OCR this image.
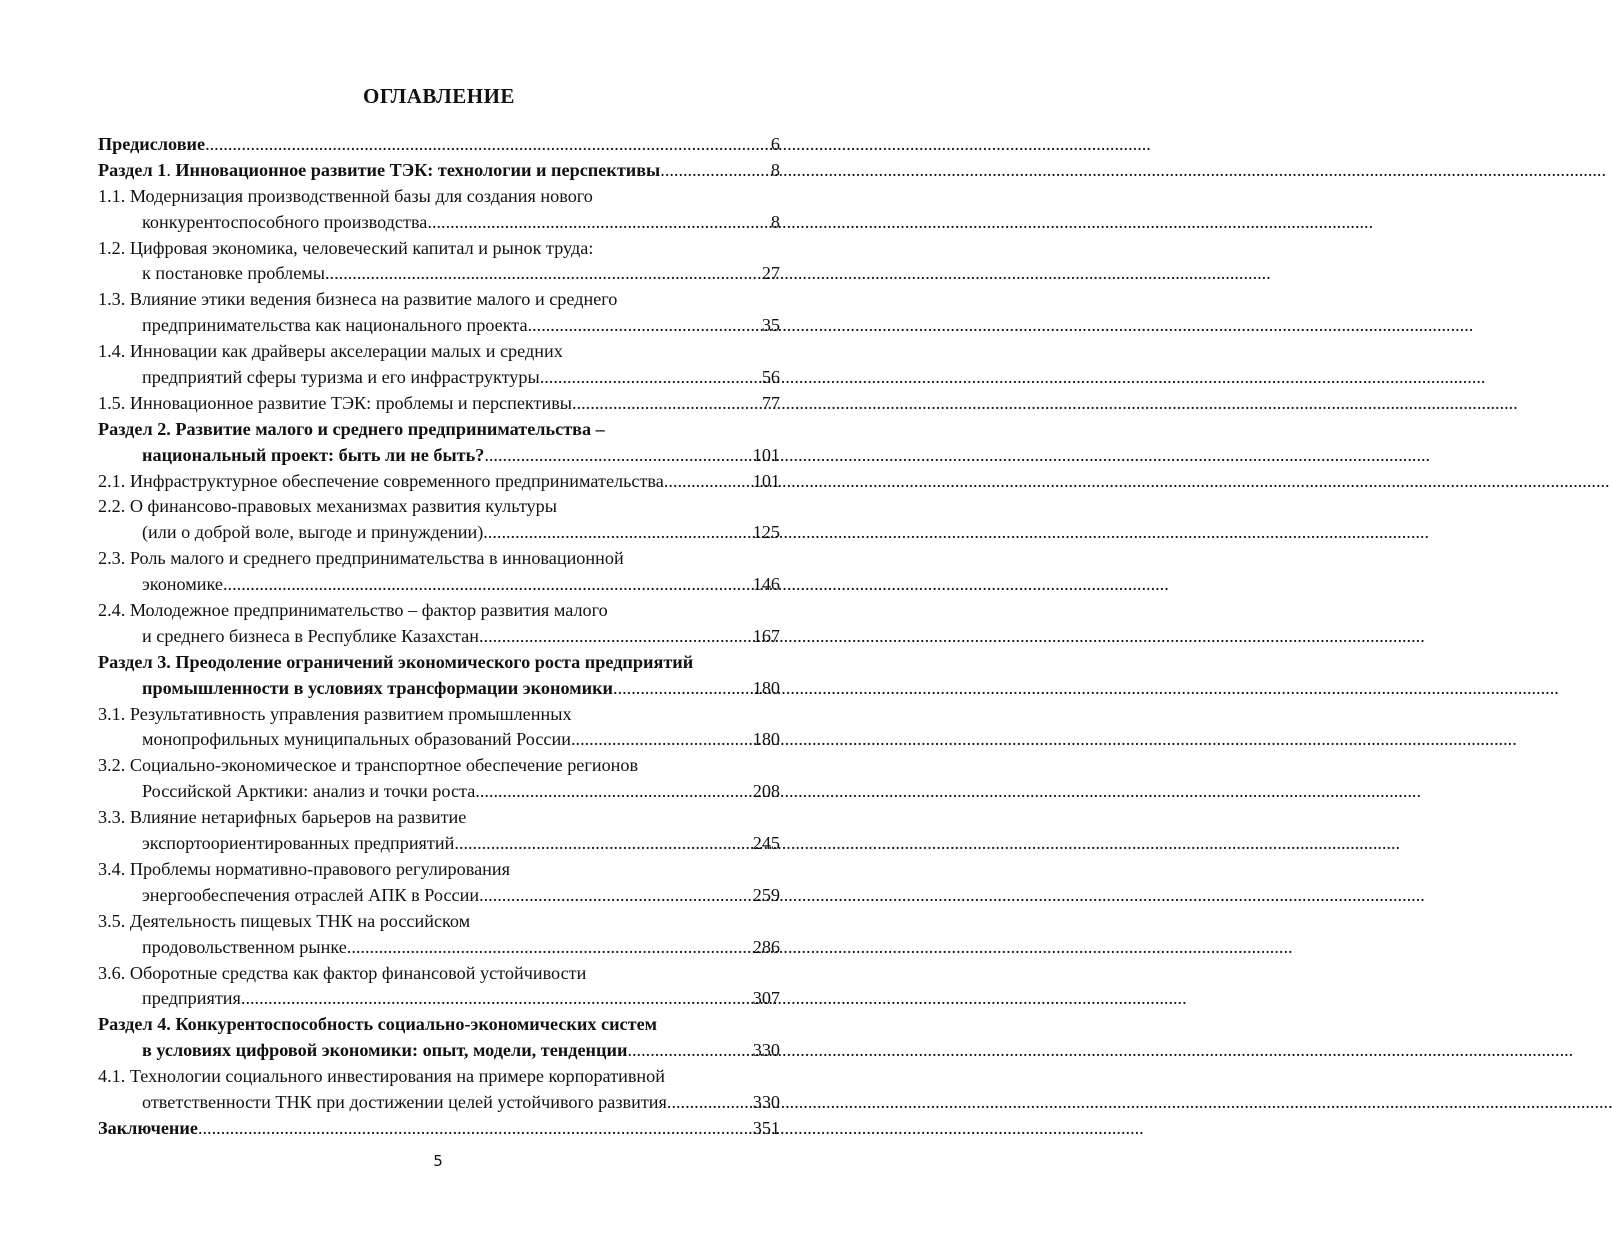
ОГЛАВЛЕНИЕ
Предисловие .....	6
Раздел 1. Инновационное развитие ТЭК: технологии и перспективы .....	8
1.1. Модернизация производственной базы для создания нового
конкурентоспособного производства .....	8
1.2. Цифровая экономика, человеческий капитал и рынок труда:
к постановке проблемы .....	27
1.3. Влияние этики ведения бизнеса на развитие малого и среднего
предпринимательства как национального проекта .....	35
1.4. Инновации как драйверы акселерации малых и средних
предприятий сферы туризма и его инфраструктуры .....	56
1.5. Инновационное развитие ТЭК: проблемы и перспективы .....	77
Раздел 2. Развитие малого и среднего предпринимательства –
национальный проект: быть ли не быть? .....	101
2.1. Инфраструктурное обеспечение современного предпринимательства .....	101
2.2. О финансово-правовых механизмах развития культуры
(или о доброй воле, выгоде и принуждении) .....	125
2.3. Роль малого и среднего предпринимательства в инновационной
экономике .....	146
2.4. Молодежное предпринимательство – фактор развития малого
и среднего бизнеса в Республике Казахстан .....	167
Раздел 3. Преодоление ограничений экономического роста предприятий
промышленности в условиях трансформации экономики .....	180
3.1. Результативность управления развитием промышленных
монопрофильных муниципальных образований России .....	180
3.2. Социально-экономическое и транспортное обеспечение регионов
Российской Арктики: анализ и точки роста .....	208
3.3. Влияние нетарифных барьеров на развитие
экспортоориентированных предприятий .....	245
3.4. Проблемы нормативно-правового регулирования
энергообеспечения отраслей АПК в России .....	259
3.5. Деятельность пищевых ТНК на российском
продовольственном рынке .....	286
3.6. Оборотные средства как фактор финансовой устойчивости
предприятия .....	307
Раздел 4. Конкурентоспособность социально-экономических систем
в условиях цифровой экономики: опыт, модели, тенденции .....	330
4.1. Технологии социального инвестирования на примере корпоративной
ответственности ТНК при достижении целей устойчивого развития .....	330
Заключение .....	351
5
